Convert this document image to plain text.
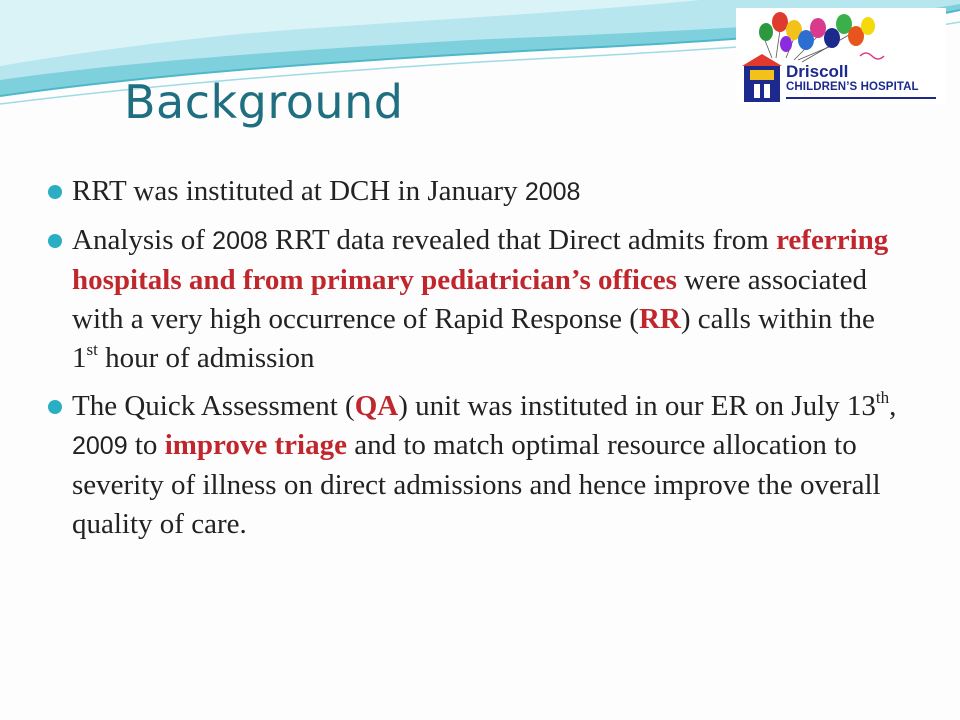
Background
Driscoll
CHILDREN’S HOSPITAL
RRT was instituted at DCH in January 2008
Analysis of 2008 RRT data revealed that Direct admits from referring hospitals and from primary pediatrician’s offices were associated with a very high occurrence of Rapid Response (RR) calls within the 1st hour of admission
The Quick Assessment (QA) unit was instituted in our ER on July 13th, 2009 to improve triage and to match optimal resource allocation to severity of illness on direct admissions and hence improve the overall quality of care.
